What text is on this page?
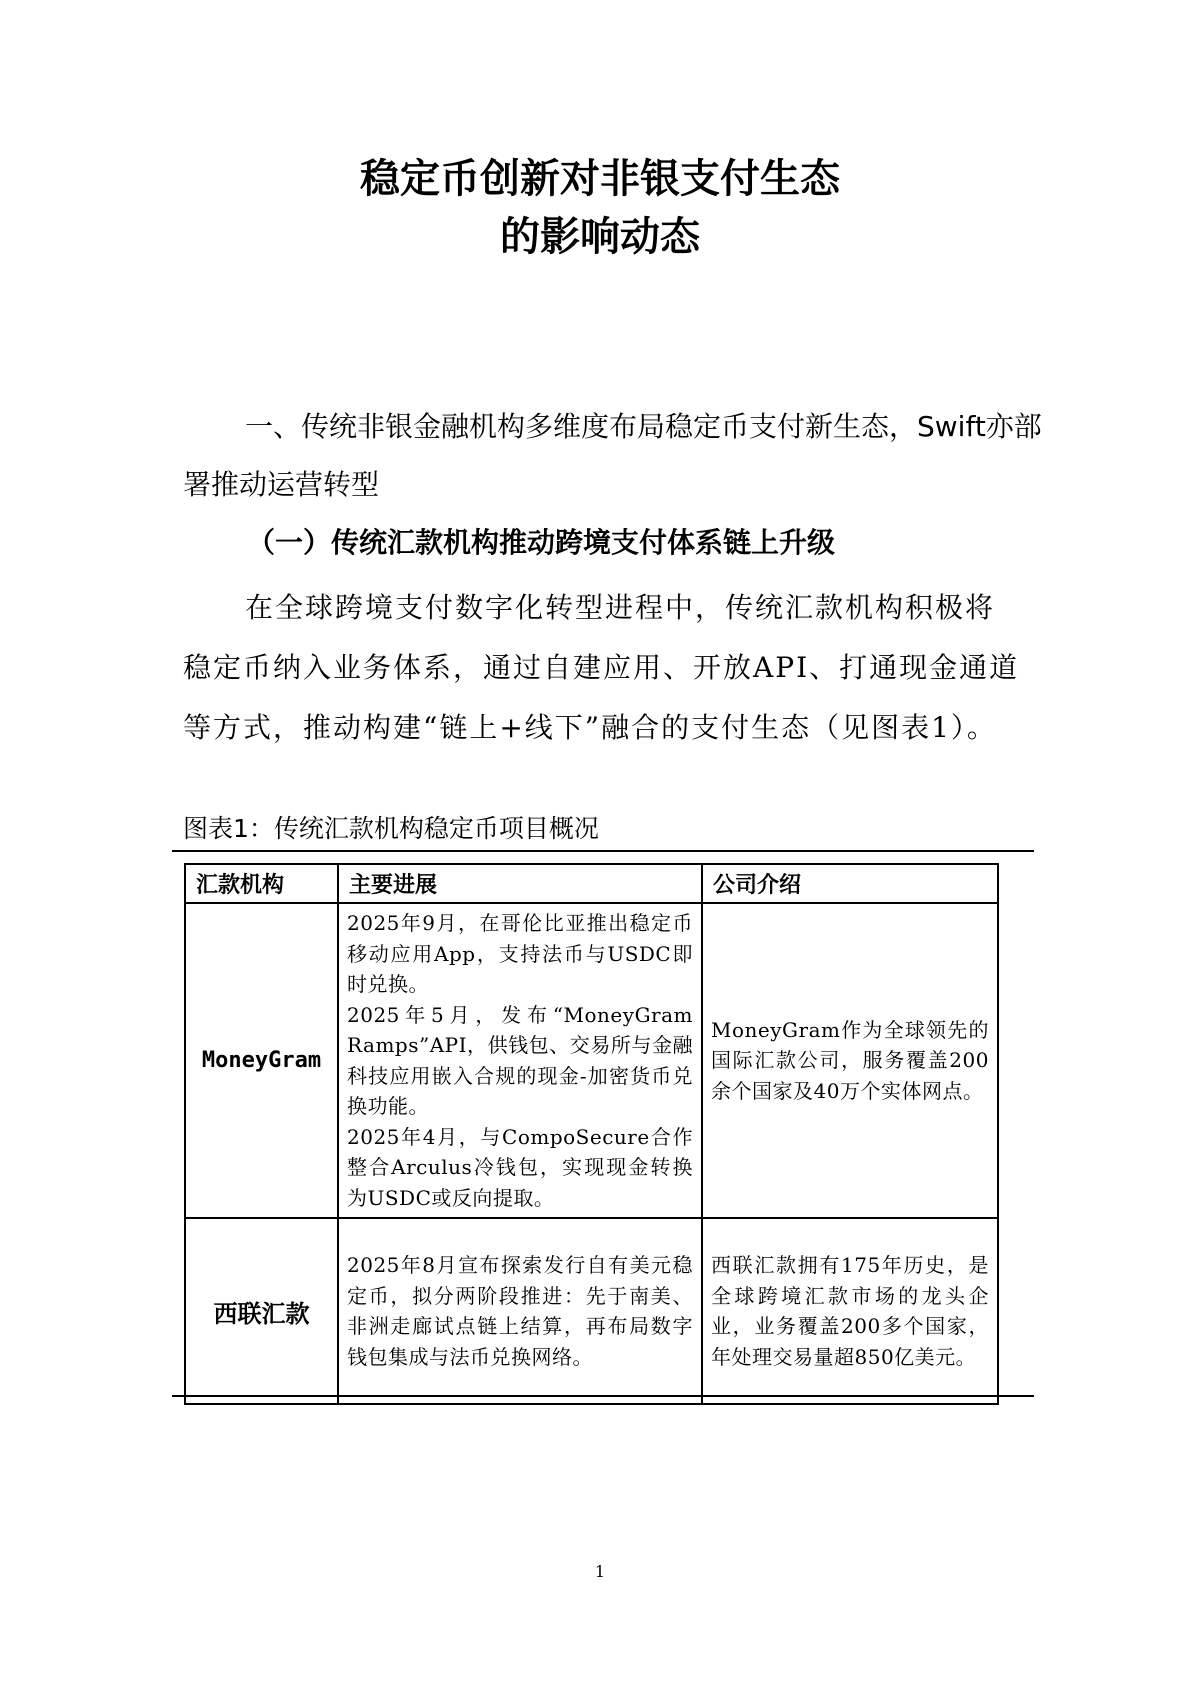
稳定币创新对非银支付生态
的影响动态
一、传统非银金融机构多维度布局稳定币支付新生态，Swift亦部署推动运营转型
（一）传统汇款机构推动跨境支付体系链上升级

在全球跨境支付数字化转型进程中，传统汇款机构积极将稳定币纳入业务体系，通过自建应用、开放API、打通现金通道等方式，推动构建“链上+线下”融合的支付生态（见图表1）。

图表1：传统汇款机构稳定币项目概况

汇款机构	主要进展	公司介绍
MoneyGram	2025年9月，在哥伦比亚推出稳定币移动应用App，支持法币与USDC即时兑换。
2025年5月，发布“MoneyGram Ramps”API，供钱包、交易所与金融科技应用嵌入合规的现金-加密货币兑换功能。
2025年4月，与CompoSecure合作整合Arculus冷钱包，实现现金转换为USDC或反向提取。	MoneyGram作为全球领先的国际汇款公司，服务覆盖200余个国家及40万个实体网点。
西联汇款	2025年8月宣布探索发行自有美元稳定币，拟分两阶段推进：先于南美、非洲走廊试点链上结算，再布局数字钱包集成与法币兑换网络。	西联汇款拥有175年历史，是全球跨境汇款市场的龙头企业，业务覆盖200多个国家，年处理交易量超850亿美元。
1
